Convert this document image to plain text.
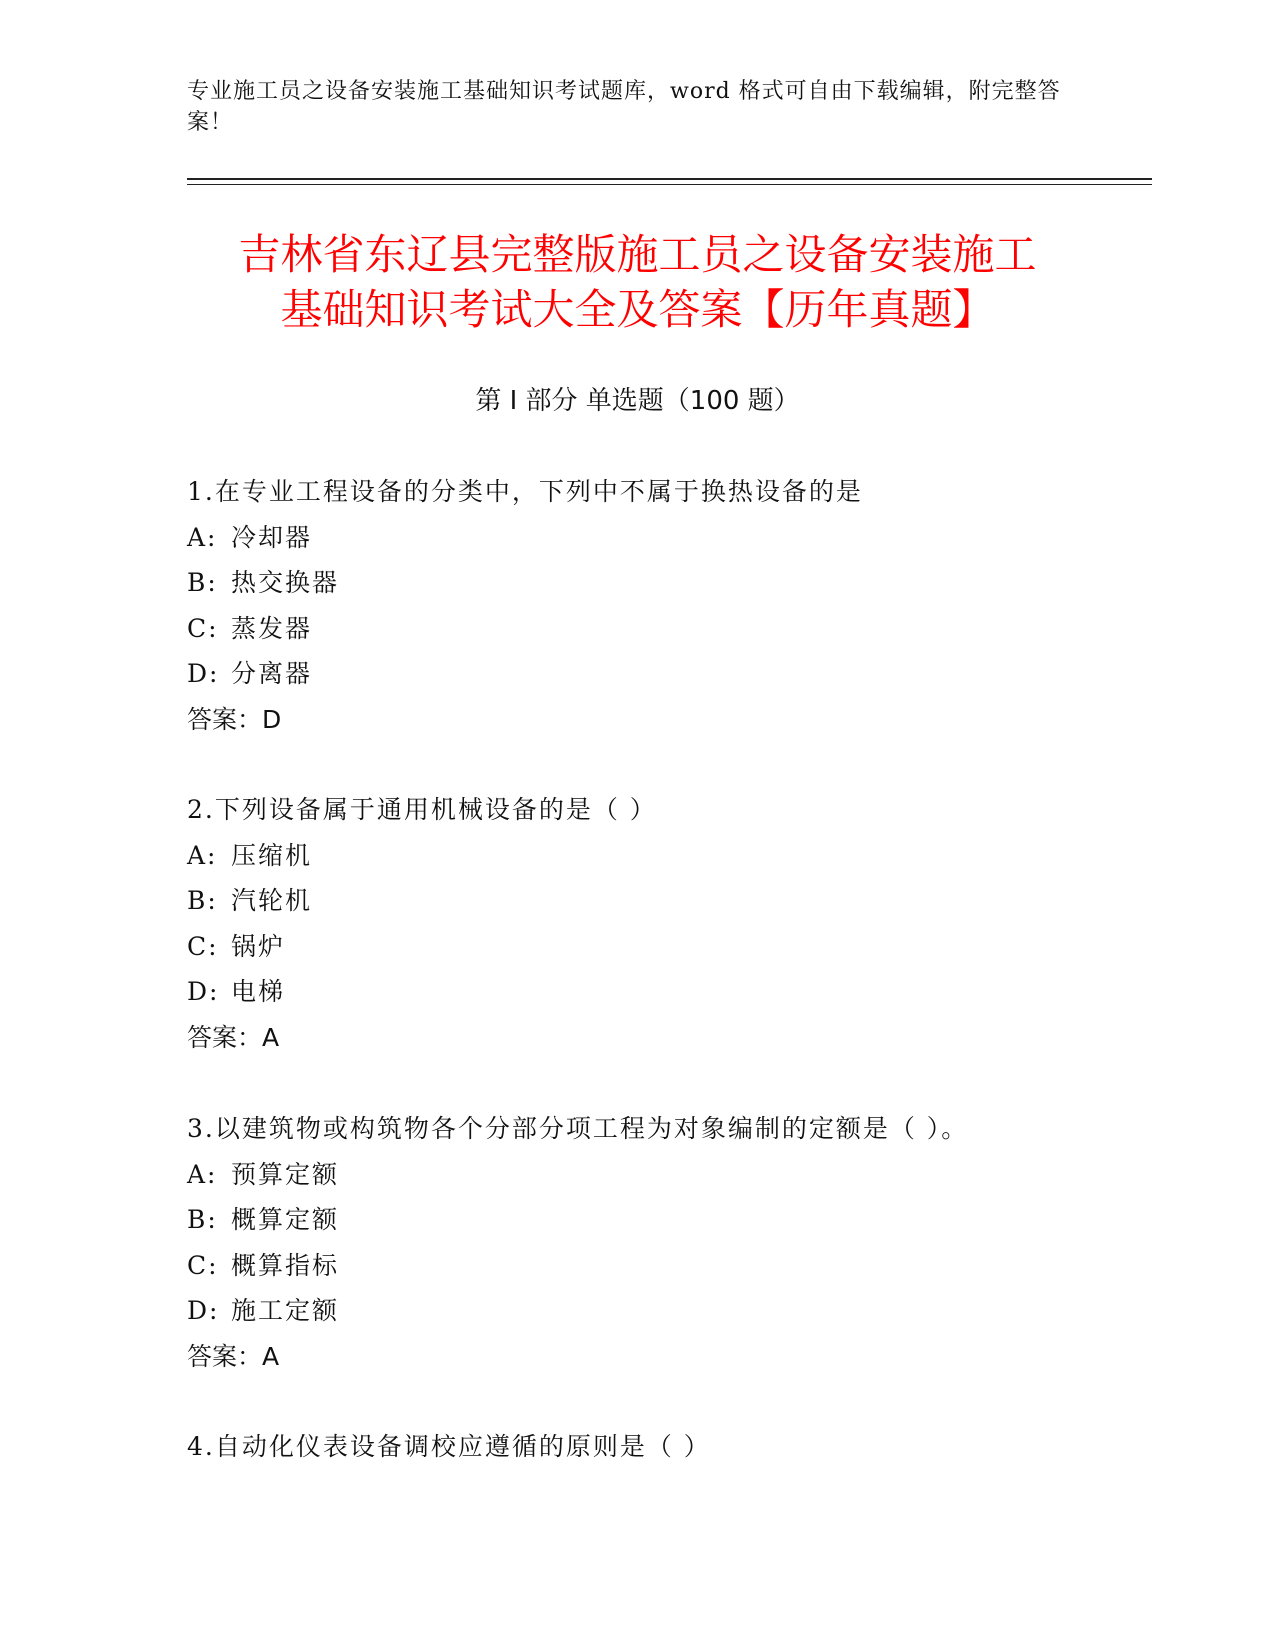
专业施工员之设备安装施工基础知识考试题库，word 格式可自由下载编辑，附完整答案！
吉林省东辽县完整版施工员之设备安装施工
基础知识考试大全及答案【历年真题】
第 I 部分 单选题（100 题）
1.在专业工程设备的分类中，下列中不属于换热设备的是
A: 冷却器
B: 热交换器
C: 蒸发器
D: 分离器
答案：D
2.下列设备属于通用机械设备的是（ ）
A: 压缩机
B: 汽轮机
C: 锅炉
D: 电梯
答案：A
3.以建筑物或构筑物各个分部分项工程为对象编制的定额是（ ）。
A: 预算定额
B: 概算定额
C: 概算指标
D: 施工定额
答案：A
4.自动化仪表设备调校应遵循的原则是（ ）
